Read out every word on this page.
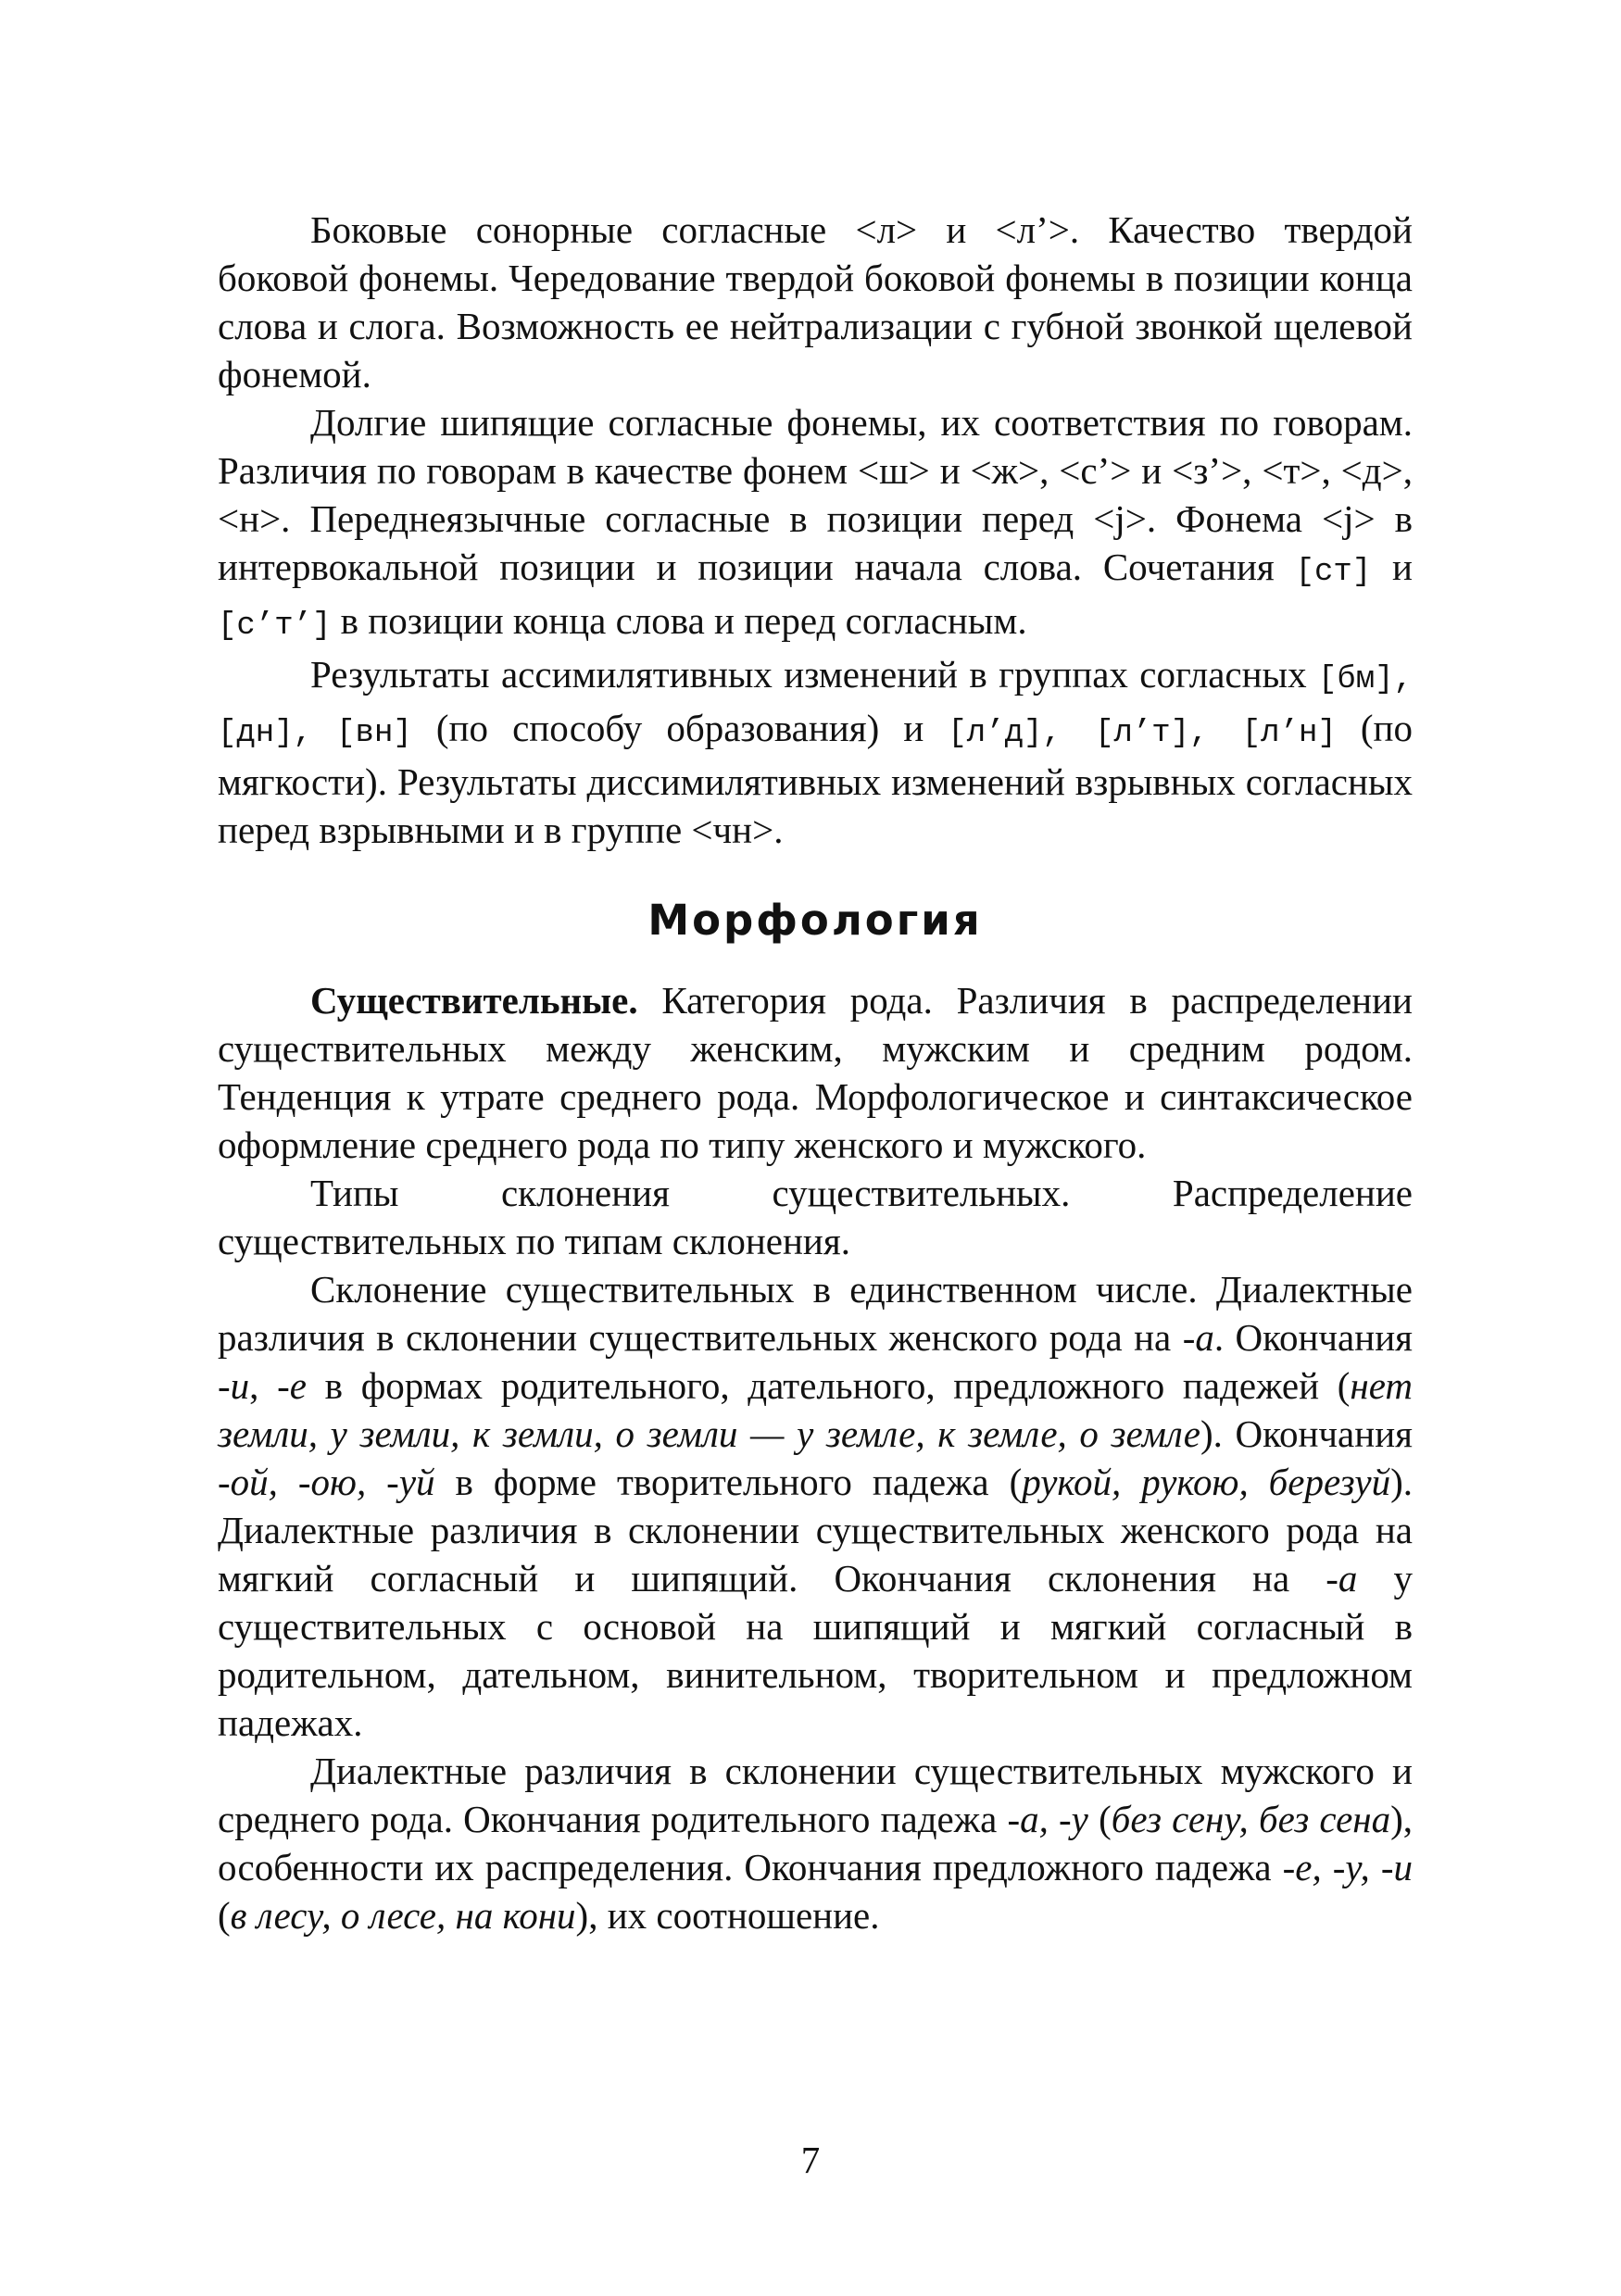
Боковые сонорные согласные <л> и <л’>. Качество твердой боковой фонемы. Чередование твердой боковой фонемы в позиции конца слова и слога. Возможность ее нейтрализации с губной звонкой щелевой фонемой.

Долгие шипящие согласные фонемы, их соответствия по говорам. Различия по говорам в качестве фонем <ш> и <ж>, <с’> и <з’>, <т>, <д>, <н>. Переднеязычные согласные в позиции перед <j>. Фонема <j> в интервокальной позиции и позиции начала слова. Сочетания [ст] и [с’т’] в позиции конца слова и перед согласным.

Результаты ассимилятивных изменений в группах согласных [бм],[дн], [вн] (по способу образования) и [л’д], [л’т], [л’н] (по мягкости). Результаты диссимилятивных изменений взрывных согласных перед взрывными и в группе <чн>.

Морфология

Существительные. Категория рода. Различия в распределении существительных между женским, мужским и средним родом. Тенденция к утрате среднего рода. Морфологическое и синтаксическое оформление среднего рода по типу женского и мужского.

Типы склонения существительных. Распределение существительных по типам склонения.

Склонение существительных в единственном числе. Диалектные различия в склонении существительных женского рода на -а. Окончания -и, -е в формах родительного, дательного, предложного падежей (нет земли, у земли, к земли, о земли — у земле, к земле, о земле). Окончания -ой, -ою, -уй в форме творительного падежа (рукой, рукою, березуй). Диалектные различия в склонении существительных женского рода на мягкий согласный и шипящий. Окончания склонения на -а у существительных с основой на шипящий и мягкий согласный в родительном, дательном, винительном, творительном и предложном падежах.

Диалектные различия в склонении существительных мужского и среднего рода. Окончания родительного падежа -а, -у (без сену, без сена), особенности их распределения. Окончания предложного падежа -е, -у, -и (в лесу, о лесе, на кони), их соотношение.

7
